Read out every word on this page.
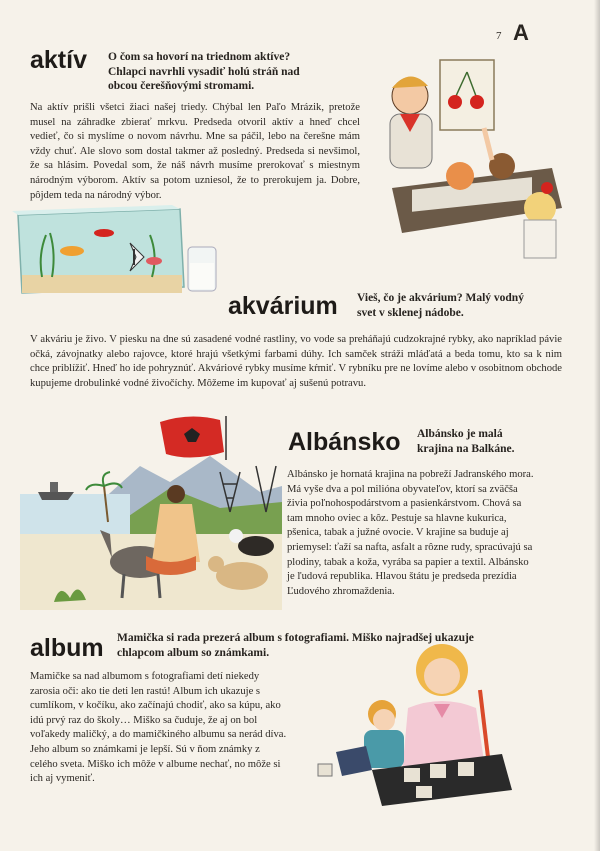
7 A
aktív O čom sa hovorí na triednom aktíve? Chlapci navrhli vysadiť holú stráň nad obcou čerešňovými stromami.
Na aktív prišli všetci žiaci našej triedy. Chýbal len Paľo Mrázik, pretože musel na záhradke zbierať mrkvu. Predseda otvoril aktív a hneď chcel vedieť, čo si myslíme o novom návrhu. Mne sa páčil, lebo na čerešne mám vždy chuť. Ale slovo som dostal takmer až posledný. Predseda si nevšimol, že sa hlásim. Povedal som, že náš návrh musíme prerokovať s miestnym národným výborom. Aktív sa potom uzniesol, že to prerokujem ja. Dobre, pôjdem teda na národný výbor.
akvárium Vieš, čo je akvárium? Malý vodný svet v sklenej nádobe.
V akváriu je živo. V piesku na dne sú zasadené vodné rastliny, vo vode sa preháňajú cudzokrajné rybky, ako napríklad pávie očká, závojnatky alebo rajovce, ktoré hrajú všetkými farbami dúhy. Ich samček stráži mláďatá a beda tomu, kto sa k nim chce priblížiť. Hneď ho ide pohryznúť. Akváriové rybky musíme kŕmiť. V rybníku pre ne lovíme alebo v osobitnom obchode kupujeme drobulinké vodné živočíchy. Môžeme im kupovať aj sušenú potravu.
Albánsko Albánsko je malá krajina na Balkáne.
Albánsko je hornatá krajina na pobreží Jadranského mora. Má vyše dva a pol milióna obyvateľov, ktorí sa zväčša živia poľnohospodárstvom a pasienkárstvom. Chová sa tam mnoho oviec a kôz. Pestuje sa hlavne kukurica, pšenica, tabak a južné ovocie. V krajine sa buduje aj priemysel: ťaží sa nafta, asfalt a rôzne rudy, spracúvajú sa plodiny, tabak a koža, vyrába sa papier a textil. Albánsko je ľudová republika. Hlavou štátu je predseda prezídia Ľudového zhromaždenia.
album Mamička si rada prezerá album s fotografiami. Miško najradšej ukazuje chlapcom album so známkami.
Mamičke sa nad albumom s fotografiami detí niekedy zarosia oči: ako tie deti len rastú! Album ich ukazuje s cumlíkom, v kočíku, ako začínajú chodiť, ako sa kúpu, ako idú prvý raz do školy… Miško sa čuduje, že aj on bol voľakedy maličký, a do mamičkiného albumu sa nerád díva. Jeho album so známkami je lepší. Sú v ňom známky z celého sveta. Miško ich môže v albume nechať, no môže si ich aj vymeniť.
